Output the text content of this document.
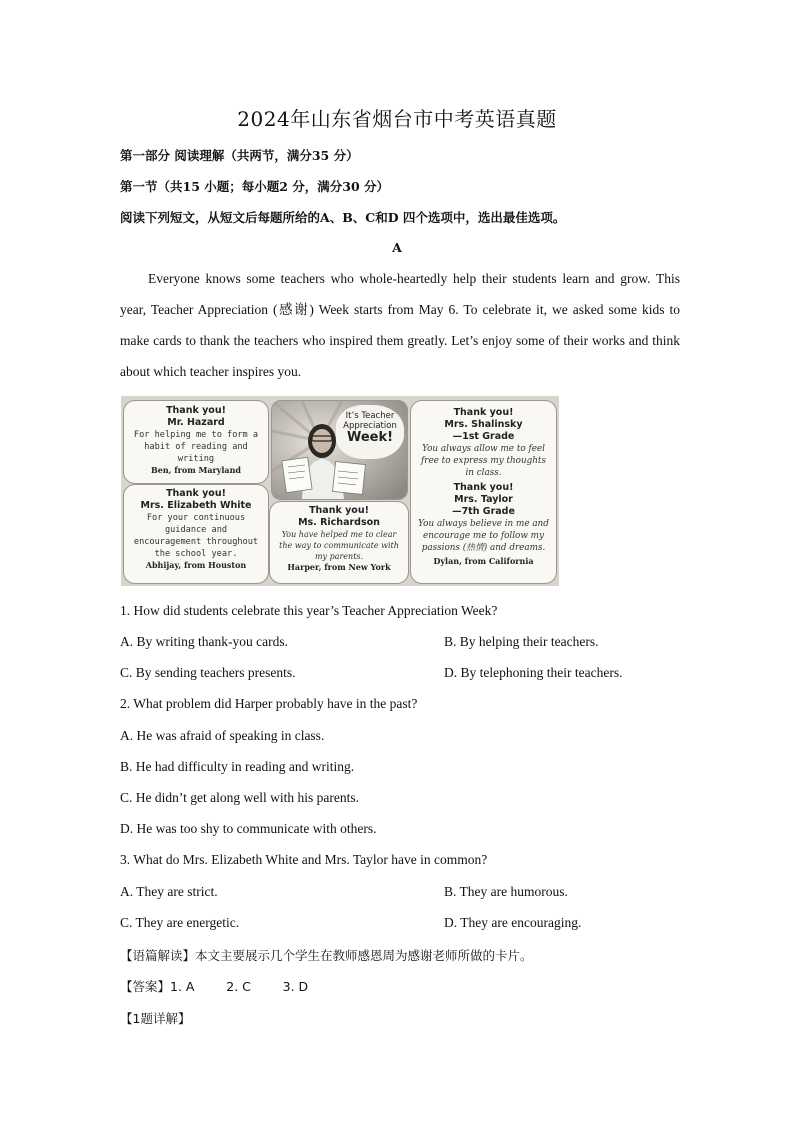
2024年山东省烟台市中考英语真题
第一部分 阅读理解（共两节，满分35 分）
第一节（共15 小题；每小题2 分，满分30 分）
阅读下列短文，从短文后每题所给的A、B、C和D 四个选项中，选出最佳选项。
A
Everyone knows some teachers who whole-heartedly help their students learn and grow. This year, Teacher Appreciation (感谢) Week starts from May 6. To celebrate it, we asked some kids to make cards to thank the teachers who inspired them greatly. Let’s enjoy some of their works and think about which teacher inspires you.
Thank you!
Mr. Hazard
For helping me to form a habit of reading and writing
Ben, from Maryland
Thank you!
Mrs. Elizabeth White
For your continuous guidance and encouragement throughout the school year.
Abhijay, from Houston
It’s Teacher
Appreciation
Week!
Thank you!
Ms. Richardson
You have helped me to clear the way to communicate with my parents.
Harper, from New York
Thank you!
Mrs. Shalinsky
—1st Grade
You always allow me to feel free to express my thoughts in class.
Thank you!
Mrs. Taylor
—7th Grade
You always believe in me and encourage me to follow my passions (热情) and dreams.
Dylan, from California
1. How did students celebrate this year’s Teacher Appreciation Week?
A. By writing thank-you cards.	B. By helping their teachers.
C. By sending teachers presents.	D. By telephoning their teachers.
2. What problem did Harper probably have in the past?
A. He was afraid of speaking in class.
B. He had difficulty in reading and writing.
C. He didn’t get along well with his parents.
D. He was too shy to communicate with others.
3. What do Mrs. Elizabeth White and Mrs. Taylor have in common?
A. They are strict.	B. They are humorous.
C. They are energetic.	D. They are encouraging.
【语篇解读】本文主要展示几个学生在教师感恩周为感谢老师所做的卡片。
【答案】1. A        2. C        3. D
【1题详解】
